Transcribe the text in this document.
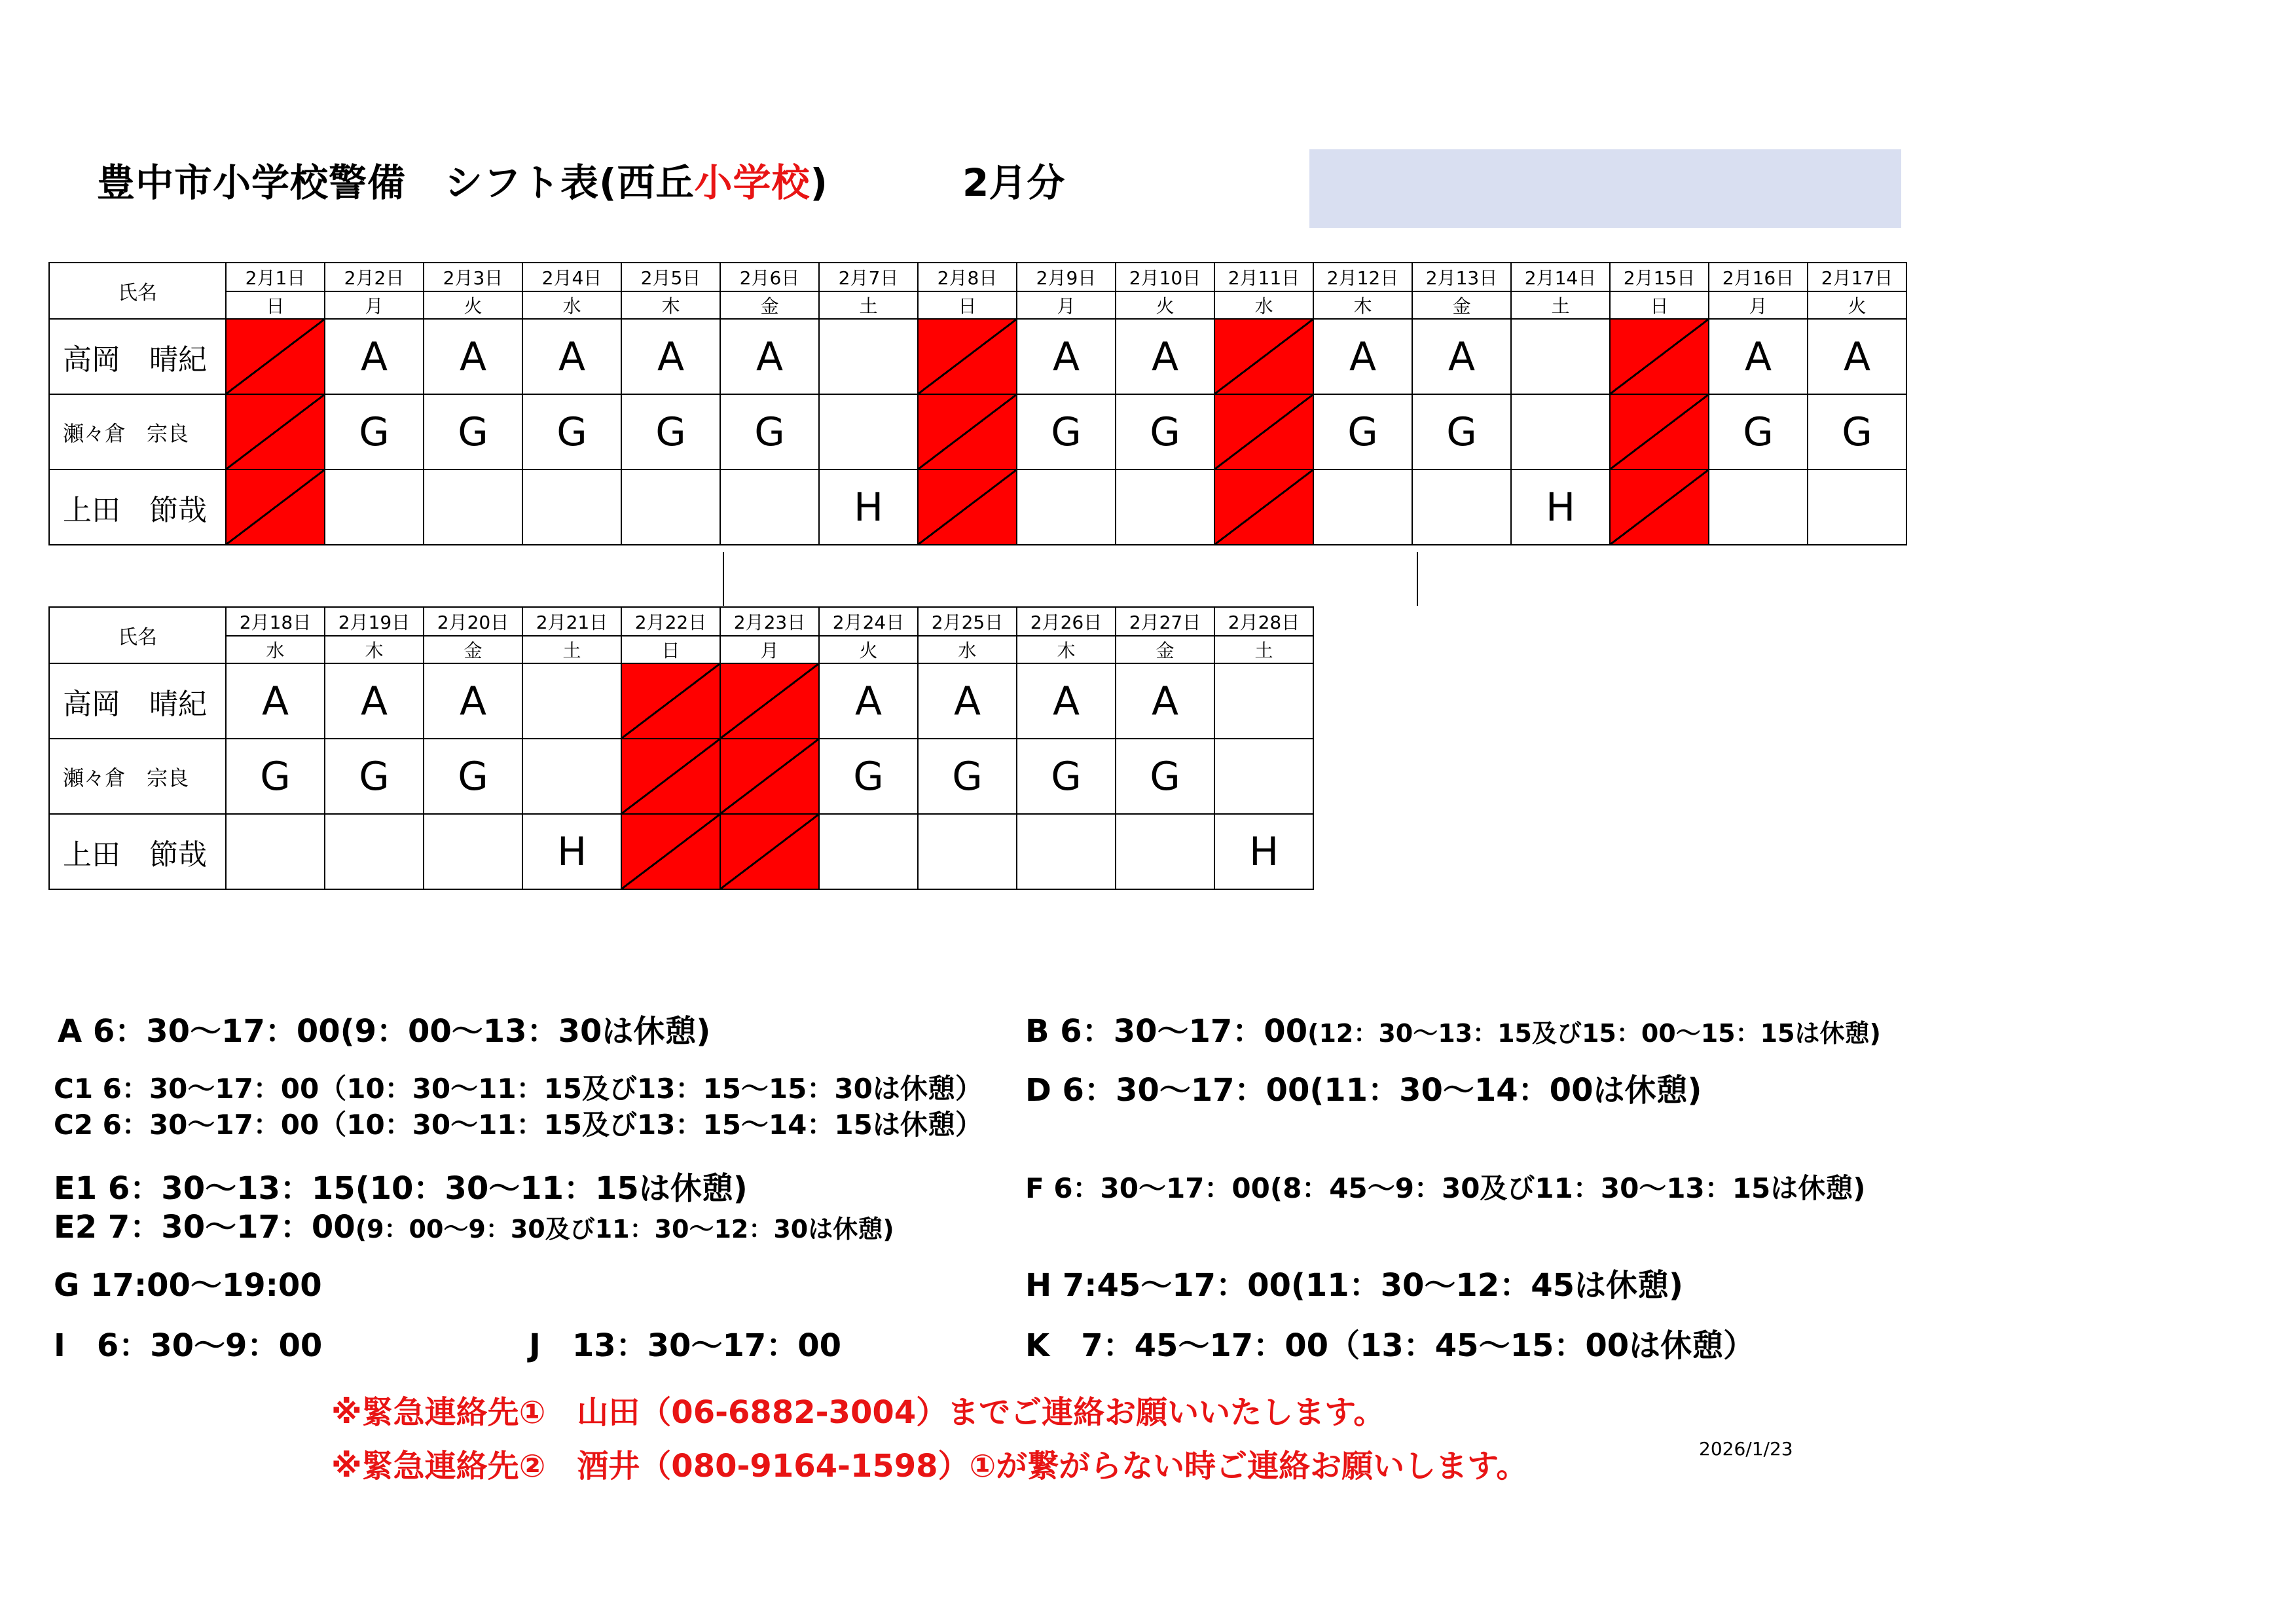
豊中市小学校警備　シフト表(西丘小学校)	2月分
氏名	2月1日	2月2日	2月3日	2月4日	2月5日	2月6日	2月7日	2月8日	2月9日	2月10日	2月11日	2月12日	2月13日	2月14日	2月15日	2月16日	2月17日
	日	月	火	水	木	金	土	日	月	火	水	木	金	土	日	月	火
高岡　晴紀		A	A	A	A	A			A	A		A	A			A	A
瀬々倉　宗良		G	G	G	G	G			G	G		G	G			G	G
上田　節哉							H							H			
氏名	2月18日	2月19日	2月20日	2月21日	2月22日	2月23日	2月24日	2月25日	2月26日	2月27日	2月28日
	水	木	金	土	日	月	火	水	木	金	土
高岡　晴紀	A	A	A				A	A	A	A	
瀬々倉　宗良	G	G	G				G	G	G	G	
上田　節哉				H							H
A 6：30～17：00(9：00～13：30は休憩)	B 6：30～17：00(12：30～13：15及び15：00～15：15は休憩)
C1 6：30～17：00（10：30～11：15及び13：15～15：30は休憩）
C2 6：30～17：00（10：30～11：15及び13：15～14：15は休憩）
D 6：30～17：00(11：30～14：00は休憩)
E1 6：30～13：15(10：30～11：15は休憩)
E2 7：30～17：00(9：00～9：30及び11：30～12：30は休憩)
F 6：30～17：00(8：45～9：30及び11：30～13：15は休憩)
G 17:00～19:00	H 7:45～17：00(11：30～12：45は休憩)
I　6：30～9：00	J　13：30～17：00	K　7：45～17：00（13：45～15：00は休憩）
※緊急連絡先①　山田（06-6882-3004）までご連絡お願いいたします。
※緊急連絡先②　酒井（080-9164-1598）①が繋がらない時ご連絡お願いします。	2026/1/23
